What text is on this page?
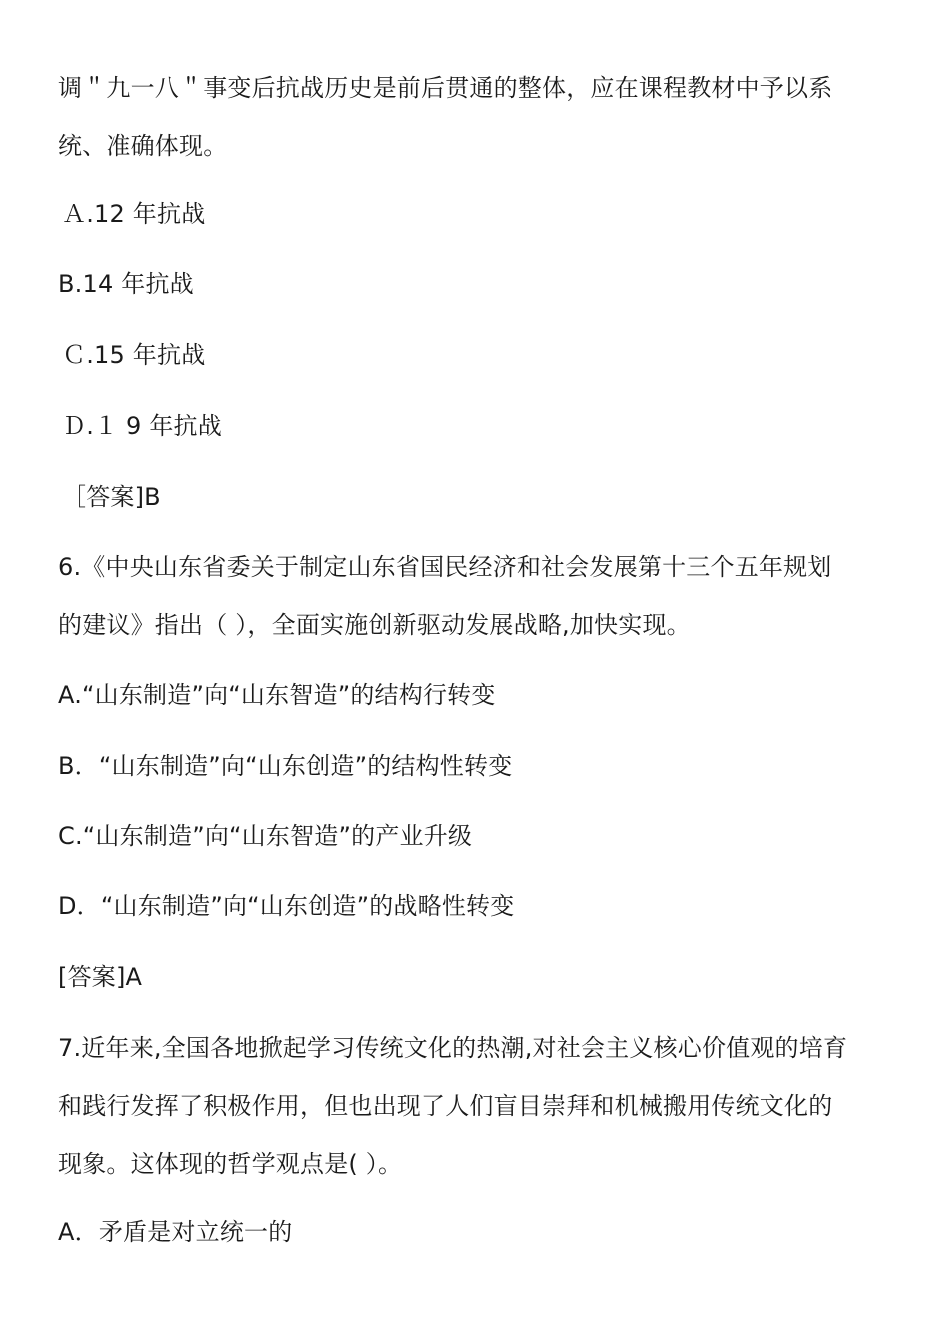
调＂九一八＂事变后抗战历史是前后贯通的整体，应在课程教材中予以系
统、准确体现。
Ａ.12 年抗战
B.14 年抗战
Ｃ.15 年抗战
Ｄ.１ 9 年抗战
［答案]B
6.《中央山东省委关于制定山东省国民经济和社会发展第十三个五年规划
的建议》指出（ ），全面实施创新驱动发展战略,加快实现。
A.“山东制造”向“山东智造”的结构行转变
B．“山东制造”向“山东创造”的结构性转变
C.“山东制造”向“山东智造”的产业升级
D．“山东制造”向“山东创造”的战略性转变
[答案]A
7.近年来,全国各地掀起学习传统文化的热潮,对社会主义核心价值观的培育
和践行发挥了积极作用，但也出现了人们盲目崇拜和机械搬用传统文化的
现象。这体现的哲学观点是( ）。
A．矛盾是对立统一的
